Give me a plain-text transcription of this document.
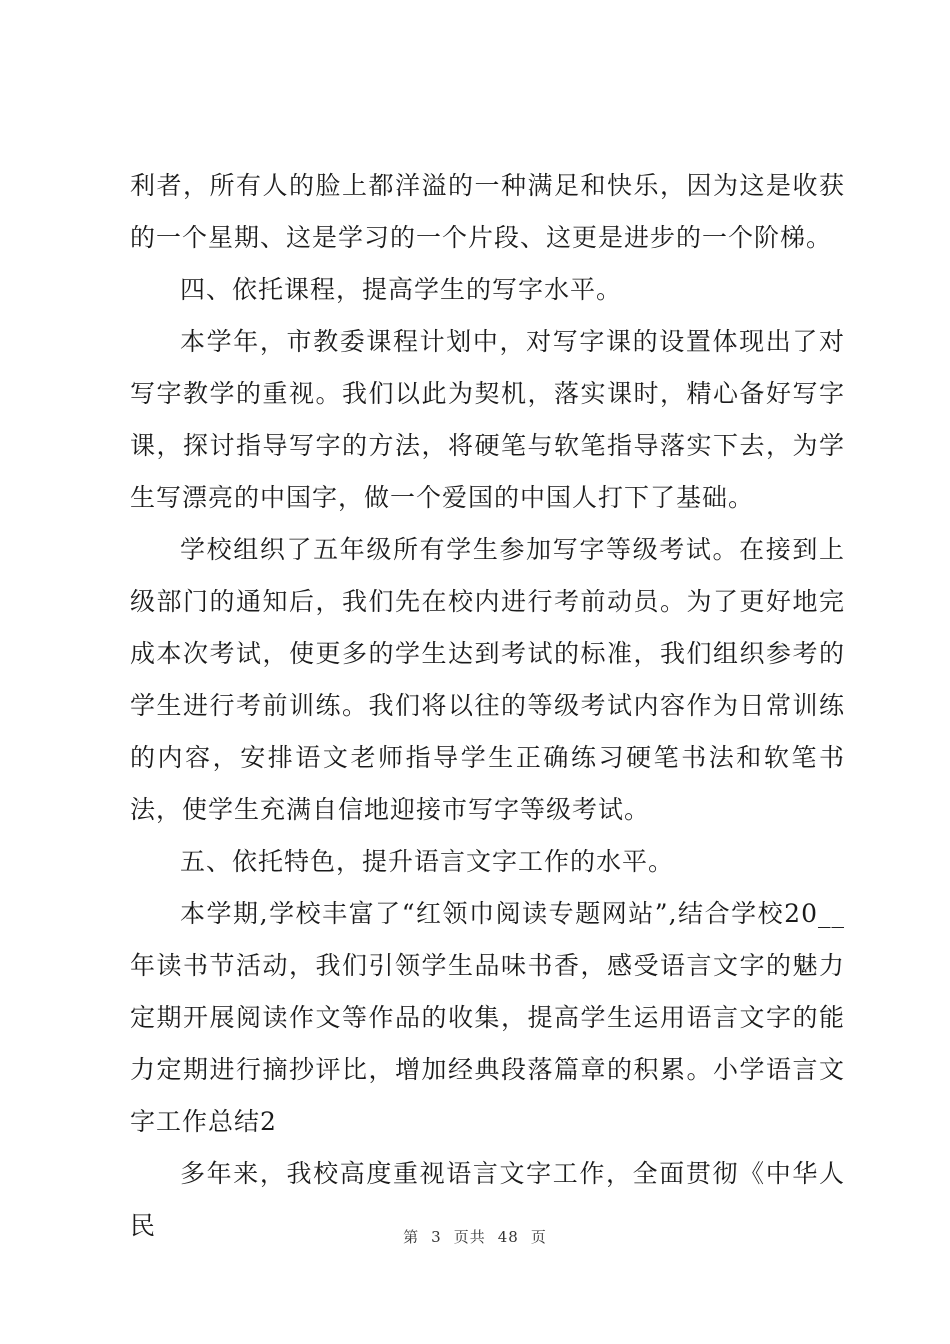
利者，所有人的脸上都洋溢的一种满足和快乐，因为这是收获的一个星期、这是学习的一个片段、这更是进步的一个阶梯。

四、依托课程，提高学生的写字水平。

本学年，市教委课程计划中，对写字课的设置体现出了对写字教学的重视。我们以此为契机，落实课时，精心备好写字课，探讨指导写字的方法，将硬笔与软笔指导落实下去，为学生写漂亮的中国字，做一个爱国的中国人打下了基础。

学校组织了五年级所有学生参加写字等级考试。在接到上级部门的通知后，我们先在校内进行考前动员。为了更好地完成本次考试，使更多的学生达到考试的标准，我们组织参考的学生进行考前训练。我们将以往的等级考试内容作为日常训练的内容，安排语文老师指导学生正确练习硬笔书法和软笔书法，使学生充满自信地迎接市写字等级考试。

五、依托特色，提升语言文字工作的水平。

本学期,学校丰富了“红领巾阅读专题网站”,结合学校20__年读书节活动，我们引领学生品味书香，感受语言文字的魅力定期开展阅读作文等作品的收集，提高学生运用语言文字的能力定期进行摘抄评比，增加经典段落篇章的积累。小学语言文字工作总结2

多年来，我校高度重视语言文字工作，全面贯彻《中华人民	第 3 页共 48 页
